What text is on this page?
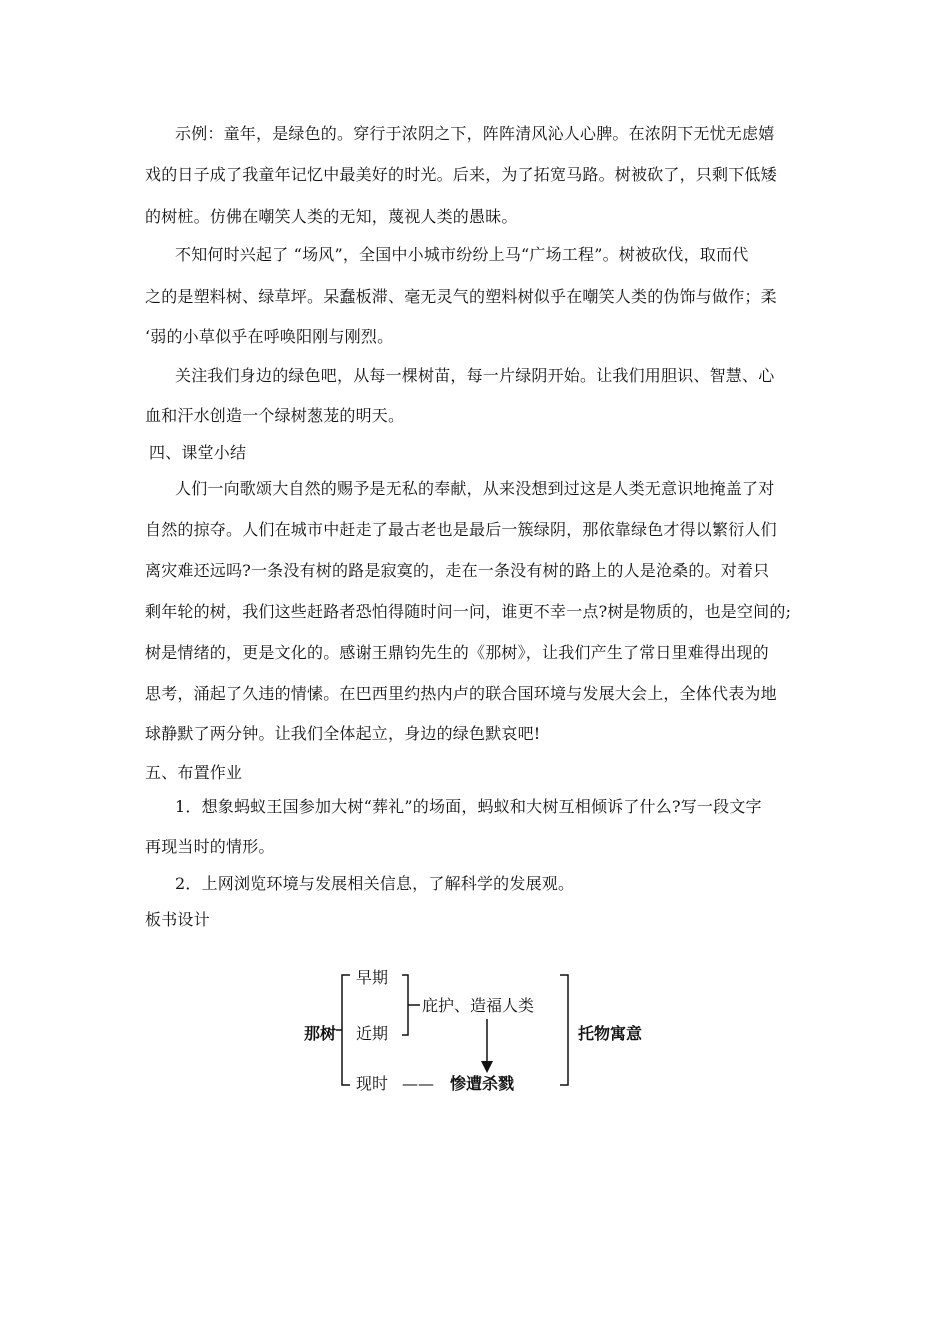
示例：童年，是绿色的。穿行于浓阴之下，阵阵清风沁人心脾。在浓阴下无忧无虑嬉
戏的日子成了我童年记忆中最美好的时光。后来，为了拓宽马路。树被砍了，只剩下低矮
的树桩。仿佛在嘲笑人类的无知，蔑视人类的愚昧。
不知何时兴起了 “场风”，全国中小城市纷纷上马“广场工程”。树被砍伐，取而代
之的是塑料树、绿草坪。呆蠢板滞、毫无灵气的塑料树似乎在嘲笑人类的伪饰与做作；柔
‘弱的小草似乎在呼唤阳刚与刚烈。
关注我们身边的绿色吧，从每一棵树苗，每一片绿阴开始。让我们用胆识、智慧、心
血和汗水创造一个绿树葱茏的明天。
四、课堂小结
人们一向歌颂大自然的赐予是无私的奉献，从来没想到过这是人类无意识地掩盖了对
自然的掠夺。人们在城市中赶走了最古老也是最后一簇绿阴，那依靠绿色才得以繁衍人们
离灾难还远吗?一条没有树的路是寂寞的，走在一条没有树的路上的人是沧桑的。对着只
剩年轮的树，我们这些赶路者恐怕得随时问一问，谁更不幸一点?树是物质的，也是空间的;
树是情绪的，更是文化的。感谢王鼎钧先生的《那树》，让我们产生了常日里难得出现的
思考，涌起了久违的情愫。在巴西里约热内卢的联合国环境与发展大会上，全体代表为地
球静默了两分钟。让我们全体起立，身边的绿色默哀吧!
五、布置作业
1．想象蚂蚁王国参加大树“葬礼”的场面，蚂蚁和大树互相倾诉了什么?写一段文字
再现当时的情形。
2．上网浏览环境与发展相关信息，了解科学的发展观。
板书设计
那树
早期
近期
现时
庇护、造福人类
—— 惨遭杀戮
托物寓意
